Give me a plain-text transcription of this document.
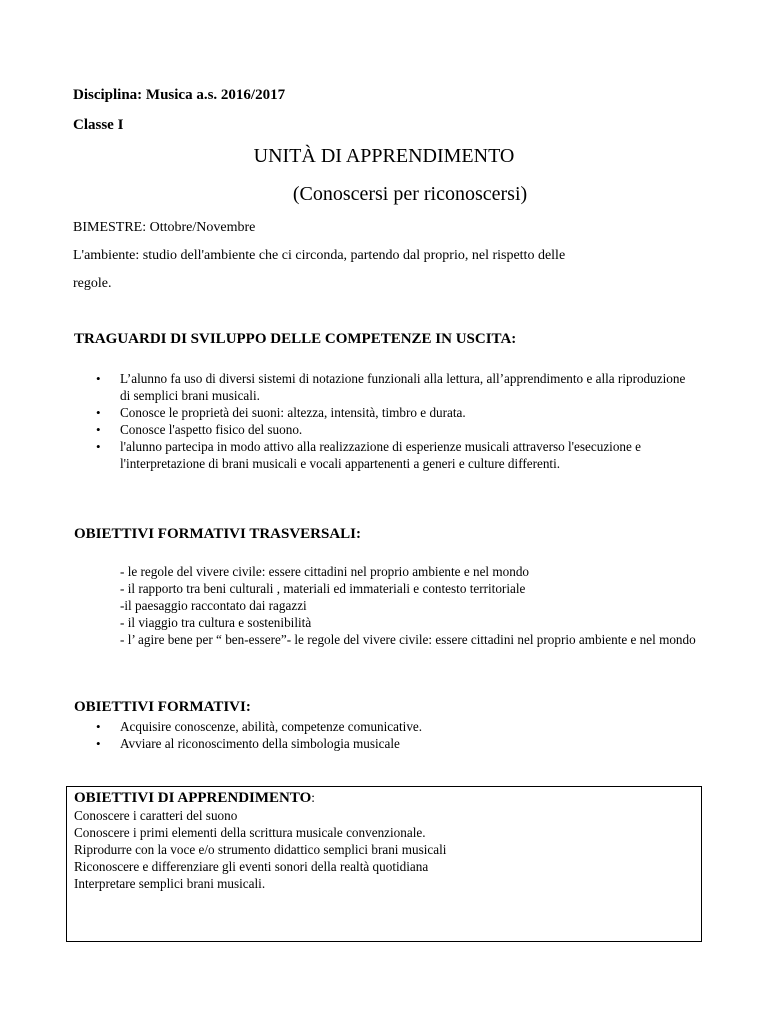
Disciplina: Musica a.s. 2016/2017
Classe I
UNITÀ DI APPRENDIMENTO
(Conoscersi per riconoscersi)
BIMESTRE: Ottobre/Novembre
L'ambiente: studio dell'ambiente che ci circonda, partendo dal proprio, nel rispetto delle
regole.
TRAGUARDI DI SVILUPPO DELLE COMPETENZE IN USCITA:
• L’alunno fa uso di diversi sistemi di notazione funzionali alla lettura, all’apprendimento e alla riproduzione di semplici brani musicali.
• Conosce le proprietà dei suoni: altezza, intensità, timbro e durata.
• Conosce l'aspetto fisico del suono.
• l'alunno partecipa in modo attivo alla realizzazione di esperienze musicali attraverso l'esecuzione e l'interpretazione di brani musicali e vocali appartenenti a generi e culture differenti.
OBIETTIVI FORMATIVI TRASVERSALI:
- le regole del vivere civile: essere cittadini nel proprio ambiente e nel mondo
- il rapporto tra beni culturali , materiali ed immateriali e contesto territoriale
-il paesaggio raccontato dai ragazzi
- il viaggio tra cultura e sostenibilità
- l’ agire bene per “ ben-essere”- le regole del vivere civile: essere cittadini nel proprio ambiente e nel mondo
OBIETTIVI FORMATIVI:
• Acquisire conoscenze, abilità, competenze comunicative.
• Avviare al riconoscimento della simbologia musicale
OBIETTIVI DI APPRENDIMENTO:
Conoscere i caratteri del suono
Conoscere i primi elementi della scrittura musicale convenzionale.
Riprodurre con la voce e/o strumento didattico semplici brani musicali
Riconoscere e differenziare gli eventi sonori della realtà quotidiana
Interpretare semplici brani musicali.
